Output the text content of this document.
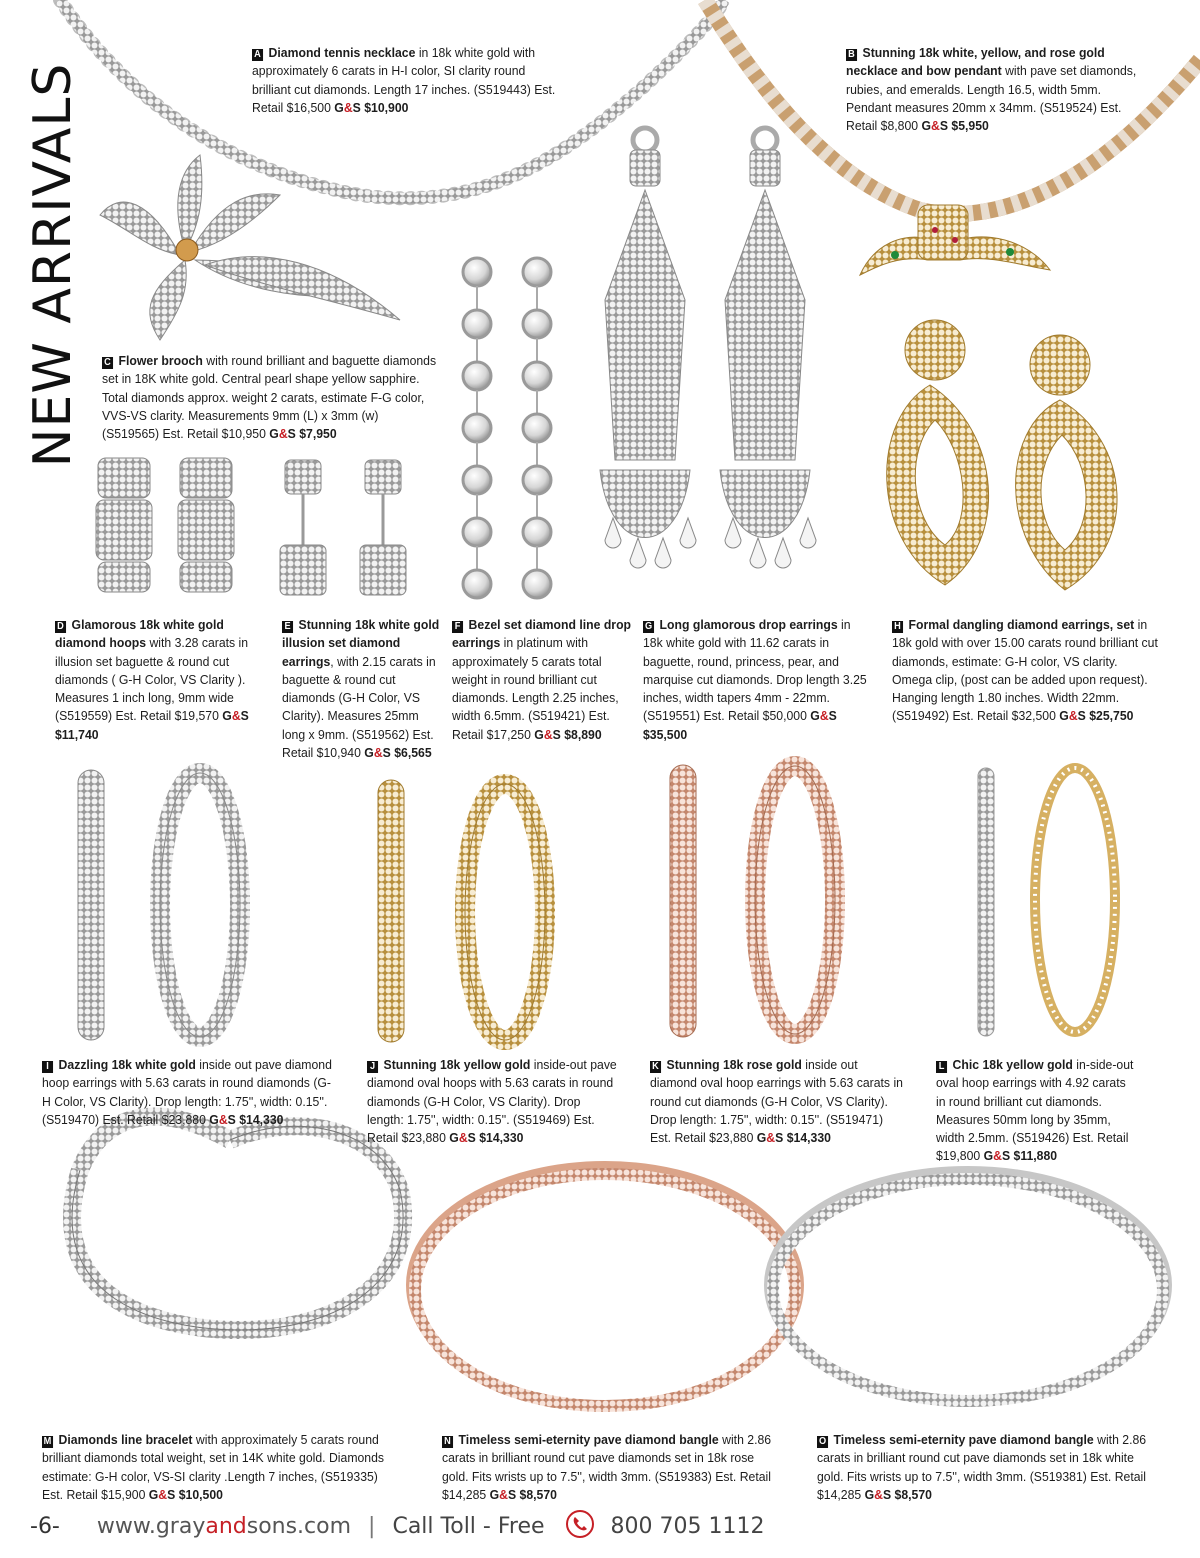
NEW ARRIVALS
A Diamond tennis necklace in 18k white gold with approximately 6 carats in H-I color, SI clarity round brilliant cut diamonds. Length 17 inches. (S519443) Est. Retail $16,500 G&S $10,900
B Stunning 18k white, yellow, and rose gold necklace and bow pendant with pave set diamonds, rubies, and emeralds. Length 16.5, width 5mm. Pendant measures 20mm x 34mm. (S519524) Est. Retail $8,800 G&S $5,950
C Flower brooch with round brilliant and baguette diamonds set in 18K white gold. Central pearl shape yellow sapphire. Total diamonds approx. weight 2 carats, estimate F-G color, VVS-VS clarity. Measurements 9mm (L) x 3mm (w) (S519565) Est. Retail $10,950 G&S $7,950
D Glamorous 18k white gold diamond hoops with 3.28 carats in illusion set baguette & round cut diamonds ( G-H Color, VS Clarity ). Measures 1 inch long, 9mm wide (S519559) Est. Retail $19,570 G&S $11,740
E Stunning 18k white gold illusion set diamond earrings, with 2.15 carats in baguette & round cut diamonds (G-H Color, VS Clarity). Measures 25mm long x 9mm. (S519562) Est. Retail $10,940 G&S $6,565
F Bezel set diamond line drop earrings in platinum with approximately 5 carats total weight in round brilliant cut diamonds. Length 2.25 inches, width 6.5mm. (S519421) Est. Retail $17,250 G&S $8,890
G Long glamorous drop earrings in 18k white gold with 11.62 carats in baguette, round, princess, pear, and marquise cut diamonds. Drop length 3.25 inches, width tapers 4mm - 22mm. (S519551) Est. Retail $50,000 G&S $35,500
H Formal dangling diamond earrings, set in 18k gold with over 15.00 carats round brilliant cut diamonds, estimate: G-H color, VS clarity. Omega clip, (post can be added upon request). Hanging length 1.80 inches. Width 22mm. (S519492) Est. Retail $32,500 G&S $25,750
I Dazzling 18k white gold inside out pave diamond hoop earrings with 5.63 carats in round diamonds (G-H Color, VS Clarity). Drop length: 1.75'', width: 0.15''. (S519470) Est. Retail $23,880 G&S $14,330
J Stunning 18k yellow gold inside-out pave diamond oval hoops with 5.63 carats in round diamonds (G-H Color, VS Clarity). Drop length: 1.75'', width: 0.15''. (S519469) Est. Retail $23,880 G&S $14,330
K Stunning 18k rose gold inside out diamond oval hoop earrings with 5.63 carats in round cut diamonds (G-H Color, VS Clarity). Drop length: 1.75'', width: 0.15''. (S519471) Est. Retail $23,880 G&S $14,330
L Chic 18k yellow gold in-side-out oval hoop earrings with 4.92 carats in round brilliant cut diamonds. Measures 50mm long by 35mm, width 2.5mm. (S519426) Est. Retail $19,800 G&S $11,880
M Diamonds line bracelet with approximately 5 carats round brilliant diamonds total weight, set in 14K white gold. Diamonds estimate: G-H color, VS-SI clarity .Length 7 inches, (S519335) Est. Retail $15,900 G&S $10,500
N Timeless semi-eternity pave diamond bangle with 2.86 carats in brilliant round cut pave diamonds set in 18k rose gold. Fits wrists up to 7.5'', width 3mm. (S519383) Est. Retail $14,285 G&S $8,570
O Timeless semi-eternity pave diamond bangle with 2.86 carats in brilliant round cut pave diamonds set in 18k white gold. Fits wrists up to 7.5'', width 3mm. (S519381) Est. Retail $14,285 G&S $8,570
-6- www.grayandsons.com | Call Toll - Free	800 705 1112
